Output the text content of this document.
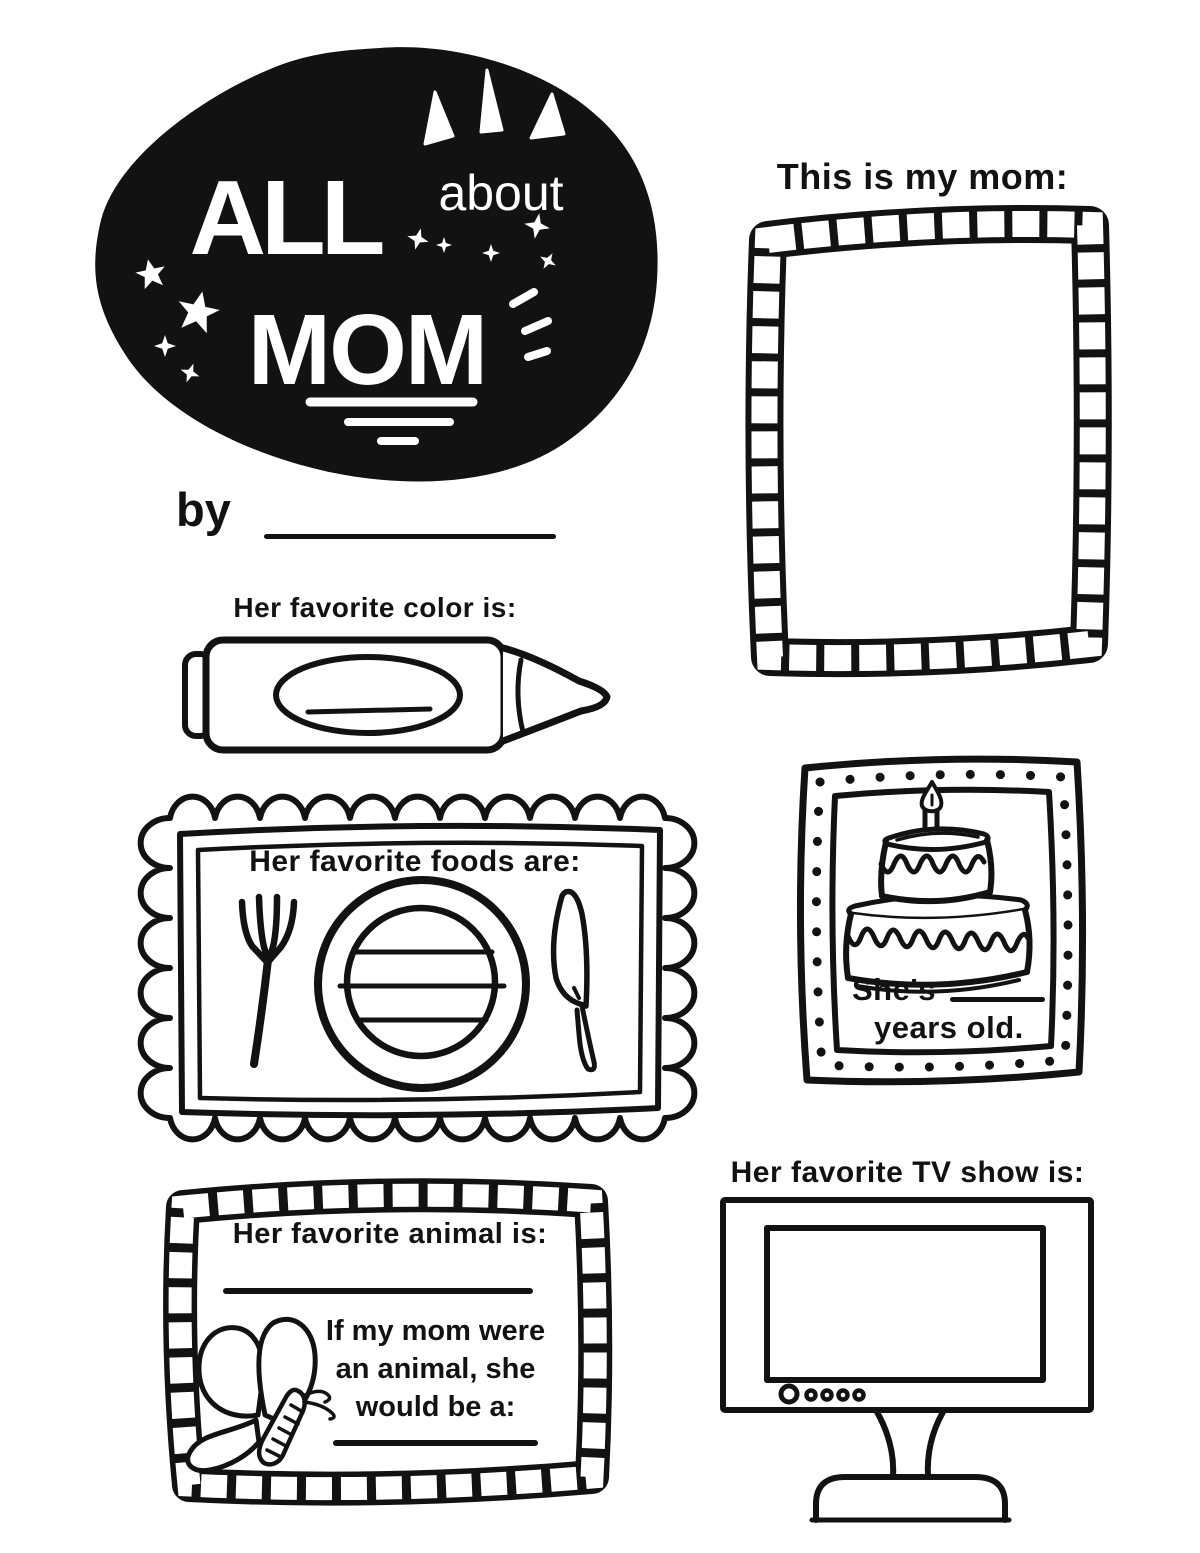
ALL about
MOM
This is my mom:
by
Her favorite color is:
Her favorite foods are:
She's
years old.
Her favorite animal is:
If my mom were
an animal, she
would be a:
Her favorite TV show is:
